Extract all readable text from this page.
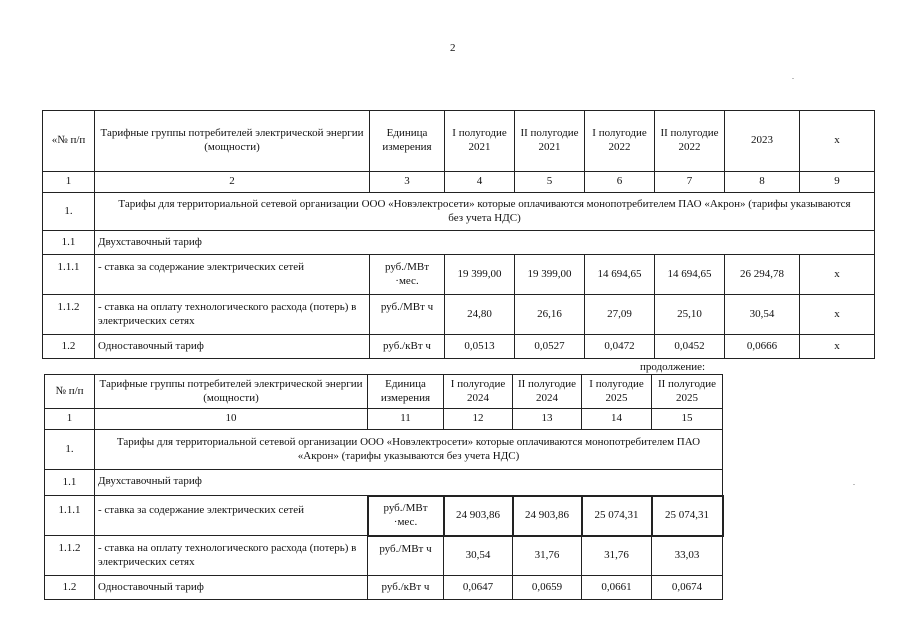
2
.
.
«№ п/п	Тарифные группы потребителей электрической энергии (мощности)	Единица измерения	I полугодие 2021	II полугодие 2021	I полугодие 2022	II полугодие 2022	2023	х
1	2	3	4	5	6	7	8	9
1.	Тарифы для территориальной сетевой организации ООО «Новэлектросети» которые оплачиваются монопотребителем ПАО «Акрон» (тарифы указываются без учета НДС)							
1.1	Двухставочный тариф							
1.1.1	- ставка за содержание электрических сетей	руб./МВт ·мес.	19 399,00	19 399,00	14 694,65	14 694,65	26 294,78	х
1.1.2	- ставка на оплату технологического расхода (потерь) в электрических сетях	руб./МВт ч	24,80	26,16	27,09	25,10	30,54	х
1.2	Одноставочный тариф	руб./кВт ч	0,0513	0,0527	0,0472	0,0452	0,0666	х
продолжение:
№ п/п	Тарифные группы потребителей электрической энергии (мощности)	Единица измерения	I полугодие 2024	II полугодие 2024	I полугодие 2025	II полугодие 2025
1	10	11	12	13	14	15
1.	Тарифы для территориальной сетевой организации ООО «Новэлектросети» которые оплачиваются монопотребителем ПАО «Акрон» (тарифы указываются без учета НДС)					
1.1	Двухставочный тариф					
1.1.1	- ставка за содержание электрических сетей	руб./МВт ·мес.	24 903,86	24 903,86	25 074,31	25 074,31
1.1.2	- ставка на оплату технологического расхода (потерь) в электрических сетях	руб./МВт ч	30,54	31,76	31,76	33,03
1.2	Одноставочный тариф	руб./кВт ч	0,0647	0,0659	0,0661	0,0674
